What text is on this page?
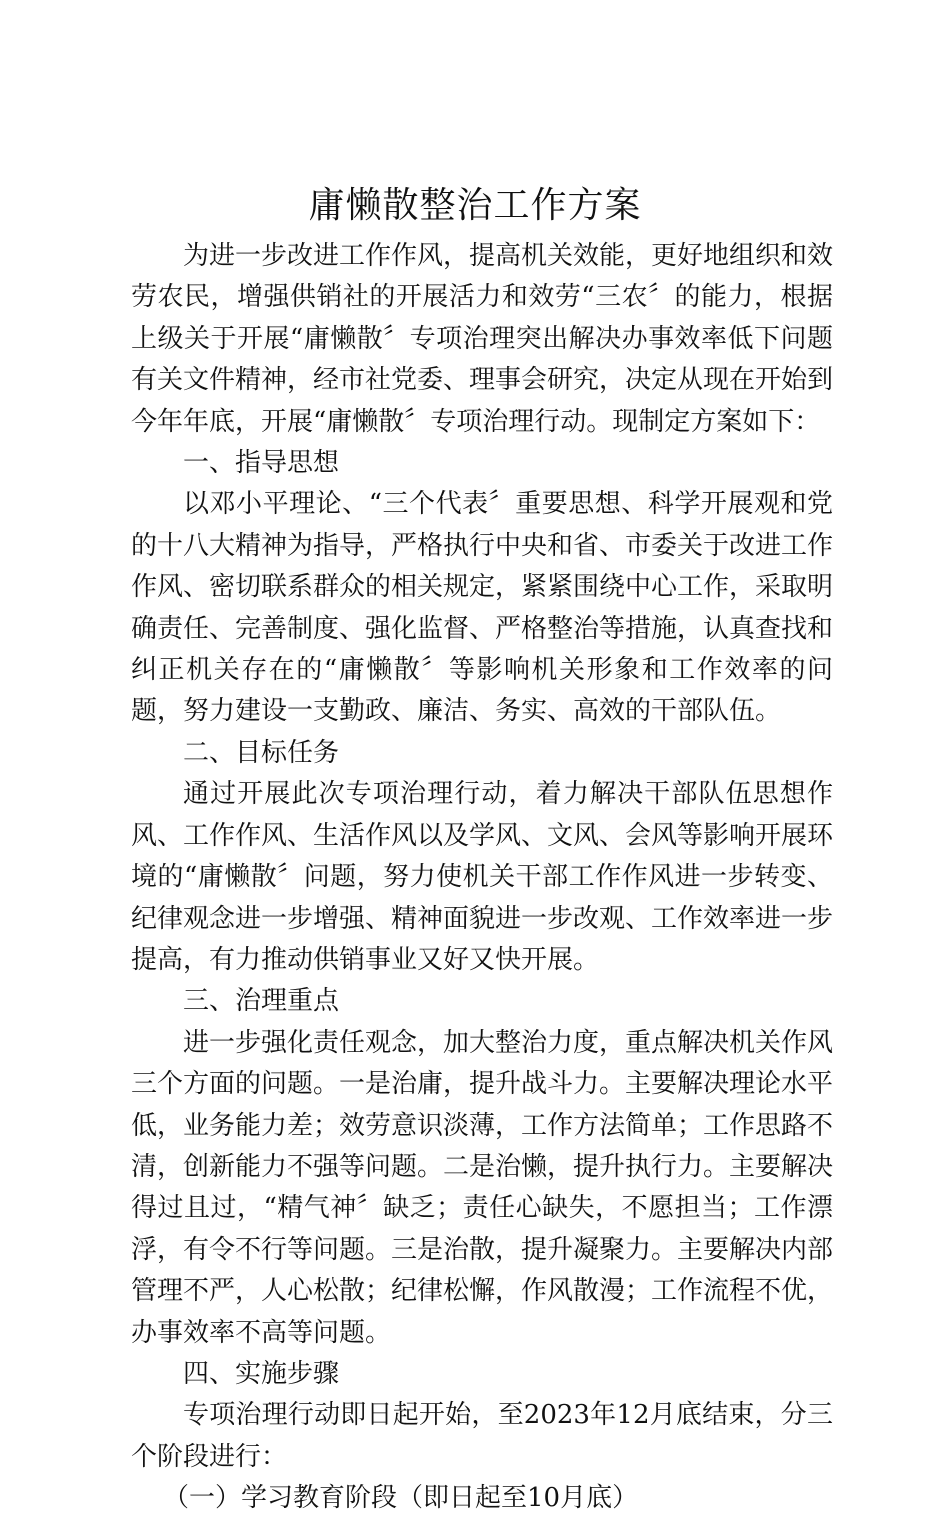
庸懒散整治工作方案

为进一步改进工作作风，提高机关效能，更好地组织和效劳农民，增强供销社的开展活力和效劳“三农〞的能力，根据上级关于开展“庸懒散〞专项治理突出解决办事效率低下问题有关文件精神，经市社党委、理事会研究，决定从现在开始到今年年底，开展“庸懒散〞专项治理行动。现制定方案如下：

一、指导思想

以邓小平理论、“三个代表〞重要思想、科学开展观和党的十八大精神为指导，严格执行中央和省、市委关于改进工作作风、密切联系群众的相关规定，紧紧围绕中心工作，采取明确责任、完善制度、强化监督、严格整治等措施，认真查找和纠正机关存在的“庸懒散〞等影响机关形象和工作效率的问题，努力建设一支勤政、廉洁、务实、高效的干部队伍。

二、目标任务

通过开展此次专项治理行动，着力解决干部队伍思想作风、工作作风、生活作风以及学风、文风、会风等影响开展环境的“庸懒散〞问题，努力使机关干部工作作风进一步转变、纪律观念进一步增强、精神面貌进一步改观、工作效率进一步提高，有力推动供销事业又好又快开展。

三、治理重点

进一步强化责任观念，加大整治力度，重点解决机关作风三个方面的问题。一是治庸，提升战斗力。主要解决理论水平低，业务能力差；效劳意识淡薄，工作方法简单；工作思路不清，创新能力不强等问题。二是治懒，提升执行力。主要解决得过且过，“精气神〞缺乏；责任心缺失，不愿担当；工作漂浮，有令不行等问题。三是治散，提升凝聚力。主要解决内部管理不严，人心松散；纪律松懈，作风散漫；工作流程不优，办事效率不高等问题。

四、实施步骤

专项治理行动即日起开始，至2023年12月底结束，分三个阶段进行：

（一）学习教育阶段（即日起至10月底）
